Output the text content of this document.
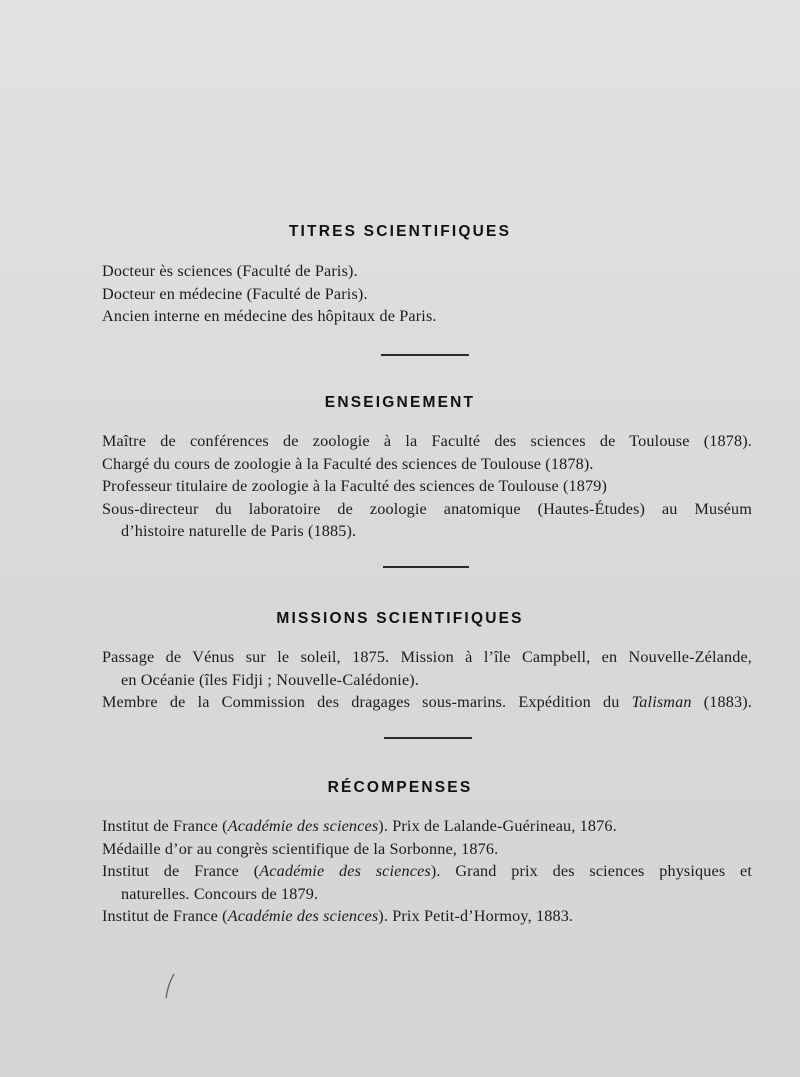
TITRES SCIENTIFIQUES
Docteur ès sciences (Faculté de Paris).
Docteur en médecine (Faculté de Paris).
Ancien interne en médecine des hôpitaux de Paris.
ENSEIGNEMENT
Maître de conférences de zoologie à la Faculté des sciences de Toulouse (1878).
Chargé du cours de zoologie à la Faculté des sciences de Toulouse (1878).
Professeur titulaire de zoologie à la Faculté des sciences de Toulouse (1879)
Sous-directeur du laboratoire de zoologie anatomique (Hautes-Études) au Muséum
d’histoire naturelle de Paris (1885).
MISSIONS SCIENTIFIQUES
Passage de Vénus sur le soleil, 1875. Mission à l’île Campbell, en Nouvelle-Zélande,
en Océanie (îles Fidji ; Nouvelle-Calédonie).
Membre de la Commission des dragages sous-marins. Expédition du Talisman (1883).
RÉCOMPENSES
Institut de France (Académie des sciences). Prix de Lalande-Guérineau, 1876.
Médaille d’or au congrès scientifique de la Sorbonne, 1876.
Institut de France (Académie des sciences). Grand prix des sciences physiques et
naturelles. Concours de 1879.
Institut de France (Académie des sciences). Prix Petit-d’Hormoy, 1883.
